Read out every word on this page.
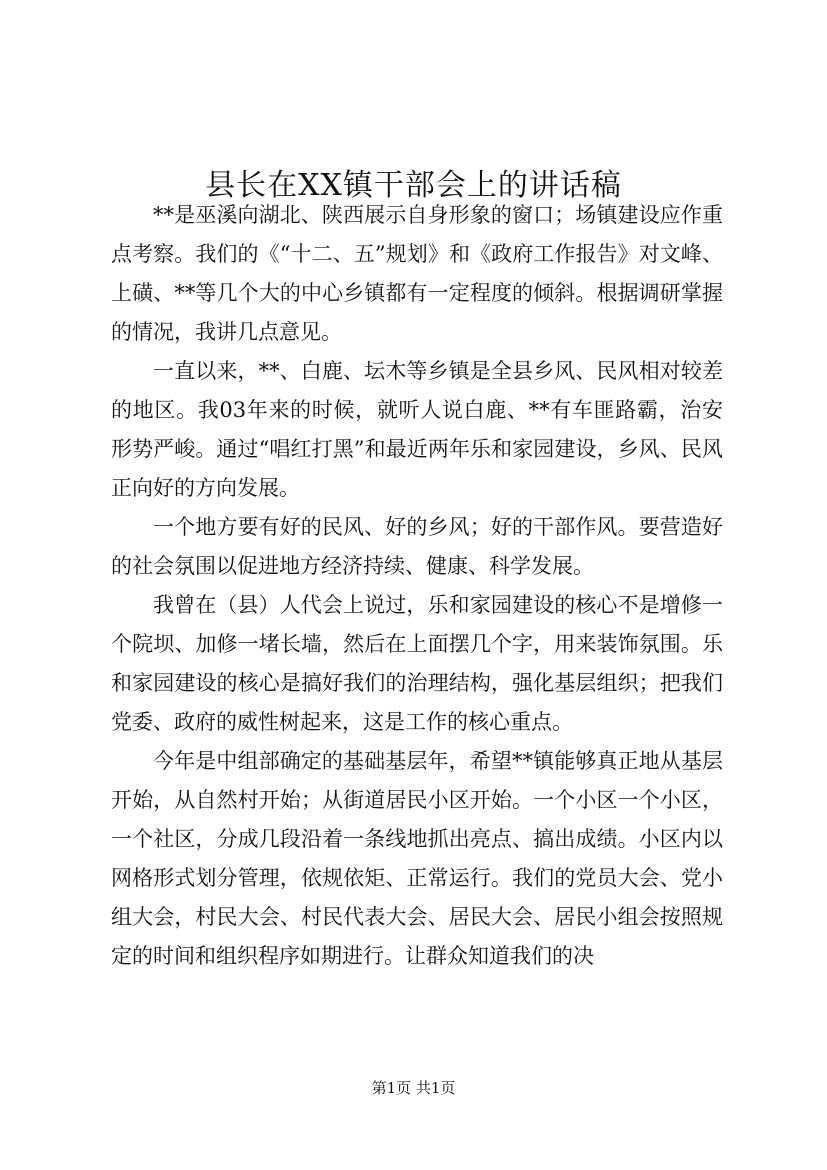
县长在XX镇干部会上的讲话稿

**是巫溪向湖北、陕西展示自身形象的窗口；场镇建设应作重点考察。我们的《“十二、五”规划》和《政府工作报告》对文峰、上磺、**等几个大的中心乡镇都有一定程度的倾斜。根据调研掌握的情况，我讲几点意见。

一直以来，**、白鹿、坛木等乡镇是全县乡风、民风相对较差的地区。我03年来的时候，就听人说白鹿、**有车匪路霸，治安形势严峻。通过“唱红打黑”和最近两年乐和家园建设，乡风、民风正向好的方向发展。

一个地方要有好的民风、好的乡风；好的干部作风。要营造好的社会氛围以促进地方经济持续、健康、科学发展。

我曾在（县）人代会上说过，乐和家园建设的核心不是增修一个院坝、加修一堵长墙，然后在上面摆几个字，用来装饰氛围。乐和家园建设的核心是搞好我们的治理结构，强化基层组织；把我们党委、政府的威性树起来，这是工作的核心重点。

今年是中组部确定的基础基层年，希望**镇能够真正地从基层开始，从自然村开始；从街道居民小区开始。一个小区一个小区，一个社区，分成几段沿着一条线地抓出亮点、搞出成绩。小区内以网格形式划分管理，依规依矩、正常运行。我们的党员大会、党小组大会，村民大会、村民代表大会、居民大会、居民小组会按照规定的时间和组织程序如期进行。让群众知道我们的决

第1页 共1页
